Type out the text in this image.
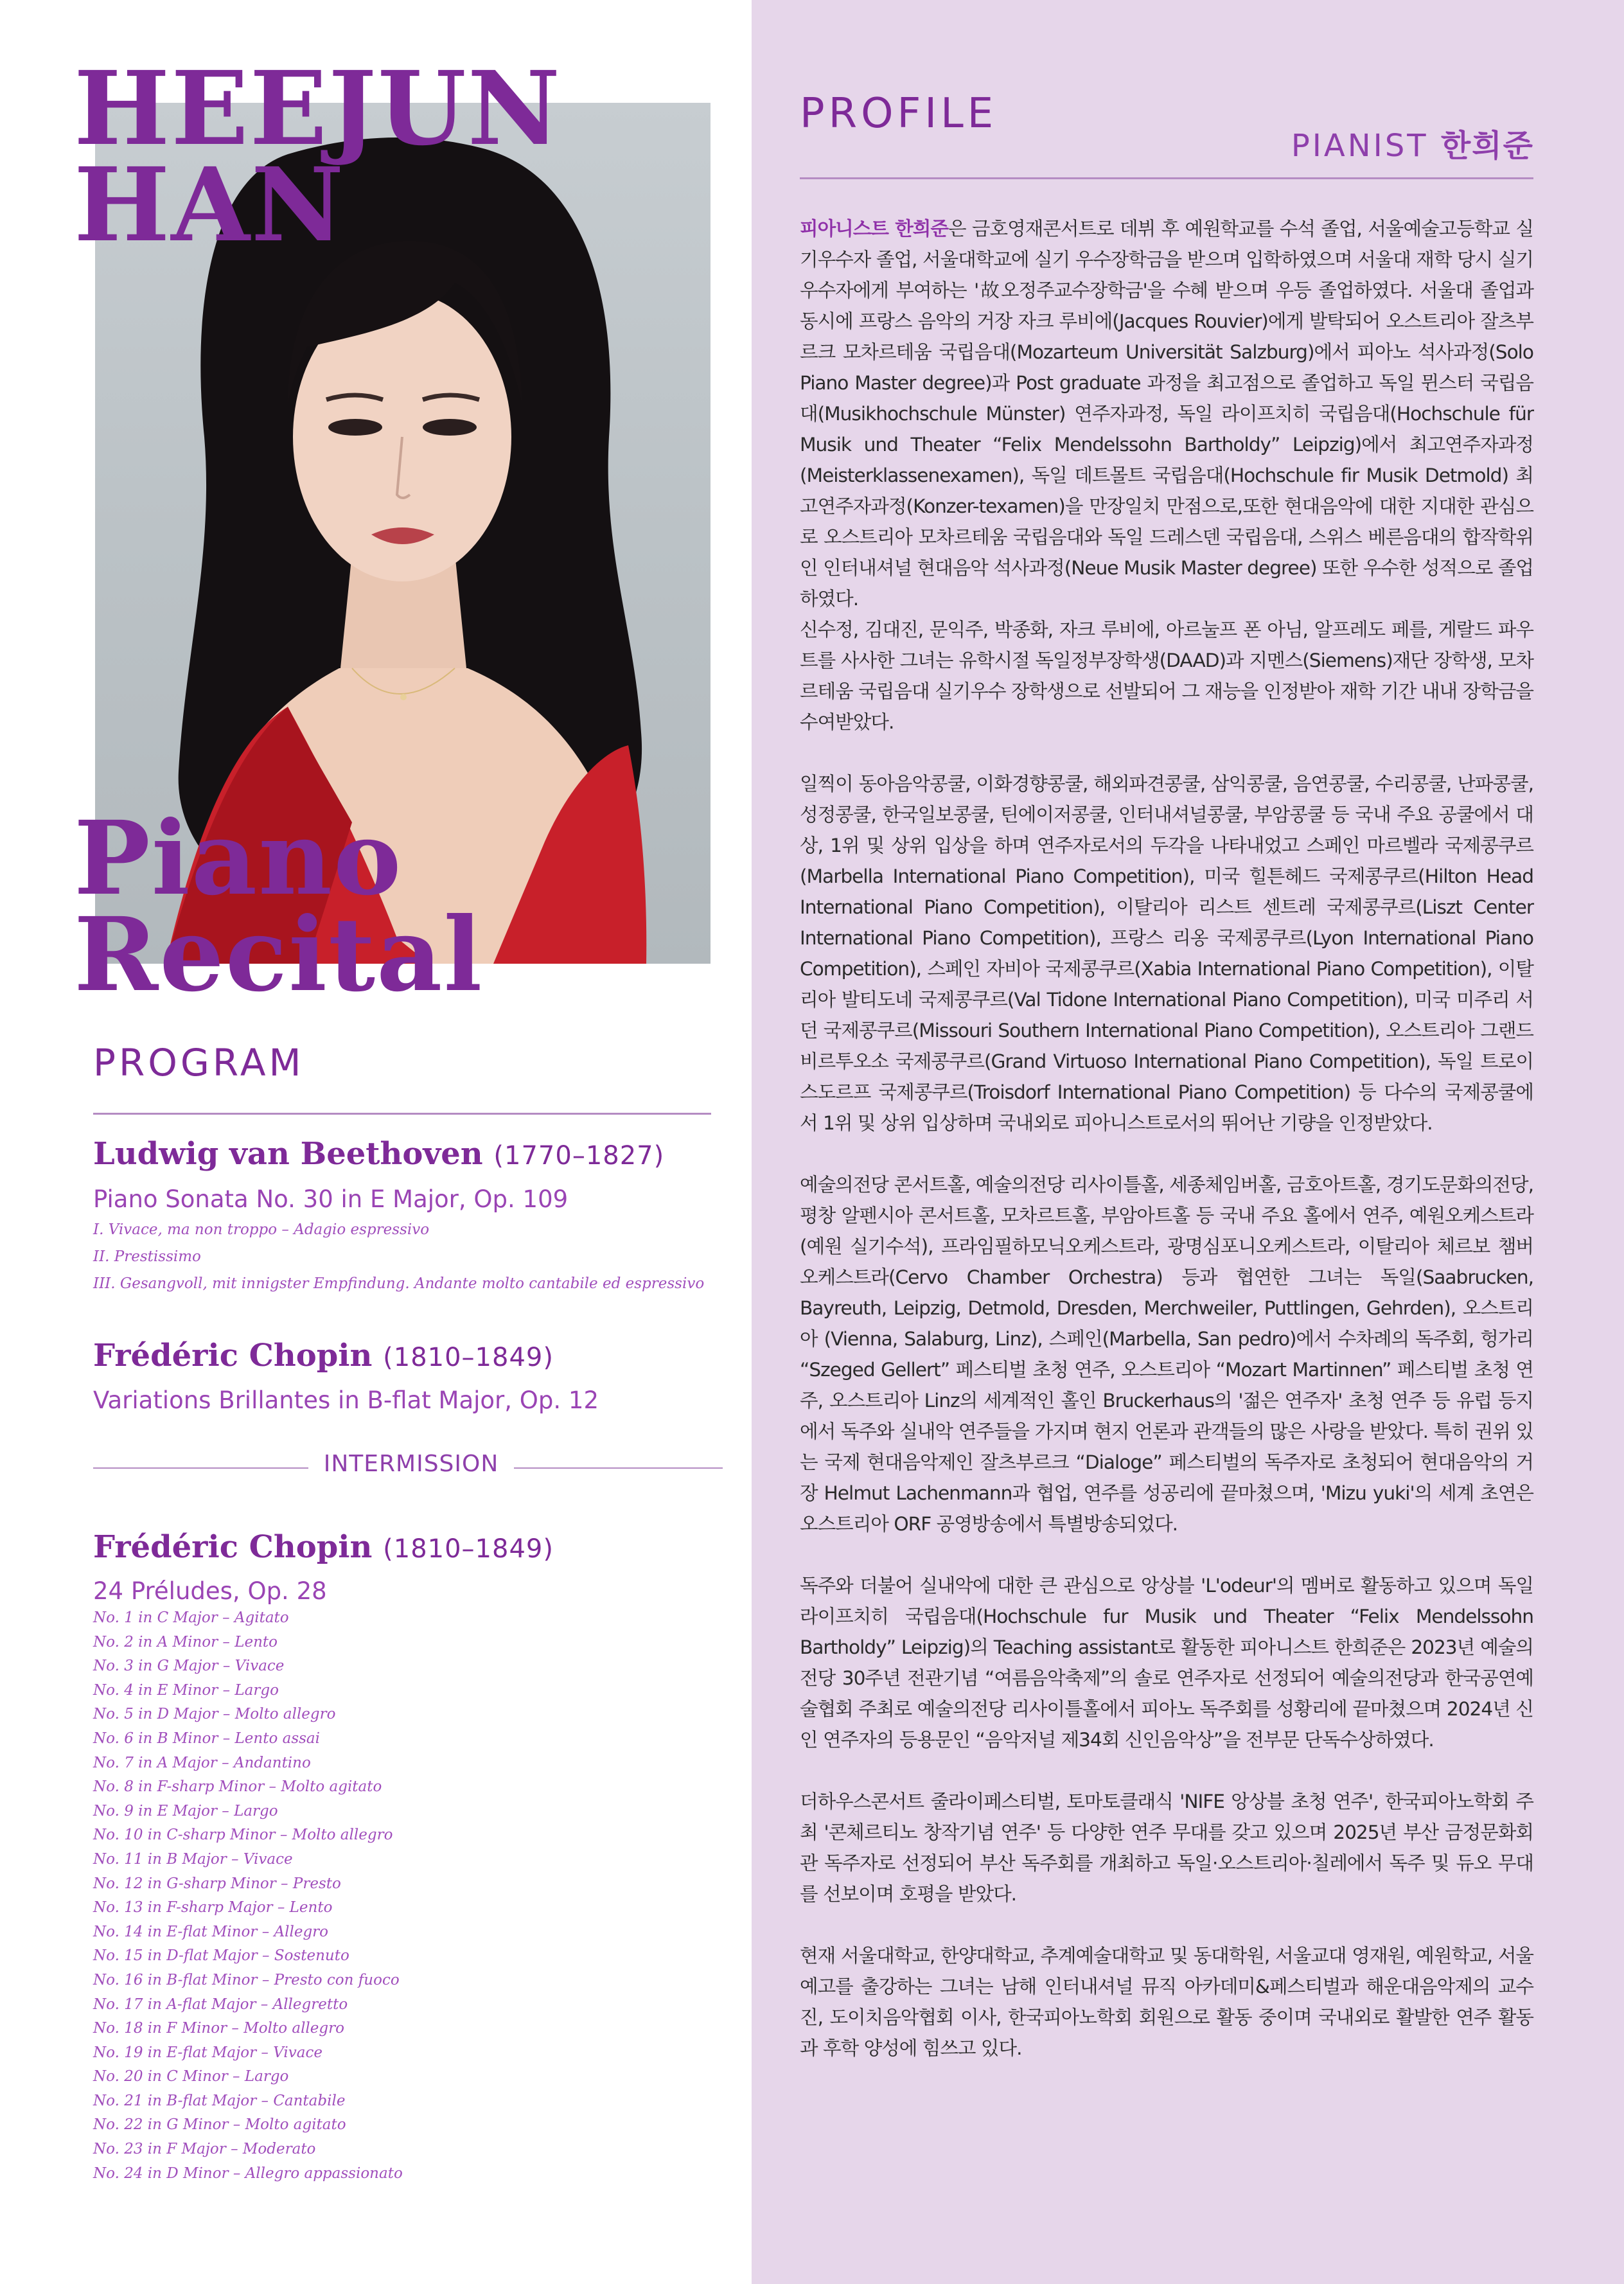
HEEJUN
HAN
Piano
Recital
PROGRAM
Ludwig van Beethoven (1770–1827)

Piano Sonata No. 30 in E Major, Op. 109

I. Vivace, ma non troppo – Adagio espressivo
II. Prestissimo
III. Gesangvoll, mit innigster Empfindung. Andante molto cantabile ed espressivo
Frédéric Chopin (1810–1849)

Variations Brillantes in B-flat Major, Op. 12

INTERMISSION
Frédéric Chopin (1810–1849)

24 Préludes, Op. 28

No. 1 in C Major – Agitato
No. 2 in A Minor – Lento
No. 3 in G Major – Vivace
No. 4 in E Minor – Largo
No. 5 in D Major – Molto allegro
No. 6 in B Minor – Lento assai
No. 7 in A Major – Andantino
No. 8 in F-sharp Minor – Molto agitato
No. 9 in E Major – Largo
No. 10 in C-sharp Minor – Molto allegro
No. 11 in B Major – Vivace
No. 12 in G-sharp Minor – Presto
No. 13 in F-sharp Major – Lento
No. 14 in E-flat Minor – Allegro
No. 15 in D-flat Major – Sostenuto
No. 16 in B-flat Minor – Presto con fuoco
No. 17 in A-flat Major – Allegretto
No. 18 in F Minor – Molto allegro
No. 19 in E-flat Major – Vivace
No. 20 in C Minor – Largo
No. 21 in B-flat Major – Cantabile
No. 22 in G Minor – Molto agitato
No. 23 in F Major – Moderato
No. 24 in D Minor – Allegro appassionato
PROFILE

PIANIST 한희준

피아니스트 한희준은 금호영재콘서트로 데뷔 후 예원학교를 수석 졸업, 서울예술고등학교 실기우수자 졸업, 서울대학교에 실기 우수장학금을 받으며 입학하였으며 서울대 재학 당시 실기 우수자에게 부여하는 '故오정주교수장학금'을 수혜 받으며 우등 졸업하였다. 서울대 졸업과 동시에 프랑스 음악의 거장 자크 루비에(Jacques Rouvier)에게 발탁되어 오스트리아 잘츠부르크 모차르테움 국립음대(Mozarteum Universität Salzburg)에서 피아노 석사과정(Solo Piano Master degree)과 Post graduate 과정을 최고점으로 졸업하고 독일 뮌스터 국립음대(Musikhochschule Münster) 연주자과정, 독일 라이프치히 국립음대(Hochschule für Musik und Theater “Felix Mendelssohn Bartholdy” Leipzig)에서 최고연주자과정(Meisterklassenexamen), 독일 데트몰트 국립음대(Hochschule fir Musik Detmold) 최고연주자과정(Konzer-texamen)을 만장일치 만점으로,또한 현대음악에 대한 지대한 관심으로 오스트리아 모차르테움 국립음대와 독일 드레스덴 국립음대, 스위스 베른음대의 합작학위인 인터내셔널 현대음악 석사과정(Neue Musik Master degree) 또한 우수한 성적으로 졸업하였다.

신수정, 김대진, 문익주, 박종화, 자크 루비에, 아르눌프 폰 아님, 알프레도 페를, 게랄드 파우트를 사사한 그녀는 유학시절 독일정부장학생(DAAD)과 지멘스(Siemens)재단 장학생, 모차르테움 국립음대 실기우수 장학생으로 선발되어 그 재능을 인정받아 재학 기간 내내 장학금을 수여받았다.

일찍이 동아음악콩쿨, 이화경향콩쿨, 해외파견콩쿨, 삼익콩쿨, 음연콩쿨, 수리콩쿨, 난파콩쿨, 성정콩쿨, 한국일보콩쿨, 틴에이저콩쿨, 인터내셔널콩쿨, 부암콩쿨 등 국내 주요 공쿨에서 대상, 1위 및 상위 입상을 하며 연주자로서의 두각을 나타내었고 스페인 마르벨라 국제콩쿠르(Marbella International Piano Competition), 미국 힐튼헤드 국제콩쿠르(Hilton Head International Piano Competition), 이탈리아 리스트 센트레 국제콩쿠르(Liszt Center International Piano Competition), 프랑스 리옹 국제콩쿠르(Lyon International Piano Competition), 스페인 자비아 국제콩쿠르(Xabia International Piano Competition), 이탈리아 발티도네 국제콩쿠르(Val Tidone International Piano Competition), 미국 미주리 서던 국제콩쿠르(Missouri Southern International Piano Competition), 오스트리아 그랜드 비르투오소 국제콩쿠르(Grand Virtuoso International Piano Competition), 독일 트로이스도르프 국제콩쿠르(Troisdorf International Piano Competition) 등 다수의 국제콩쿨에서 1위 및 상위 입상하며 국내외로 피아니스트로서의 뛰어난 기량을 인정받았다.

예술의전당 콘서트홀, 예술의전당 리사이틀홀, 세종체임버홀, 금호아트홀, 경기도문화의전당, 평창 알펜시아 콘서트홀, 모차르트홀, 부암아트홀 등 국내 주요 홀에서 연주, 예원오케스트라(예원 실기수석), 프라임필하모닉오케스트라, 광명심포니오케스트라, 이탈리아 체르보 챔버 오케스트라(Cervo Chamber Orchestra) 등과 협연한 그녀는 독일(Saabrucken, Bayreuth, Leipzig, Detmold, Dresden, Merchweiler, Puttlingen, Gehrden), 오스트리아 (Vienna, Salaburg, Linz), 스페인(Marbella, San pedro)에서 수차례의 독주회, 헝가리 “Szeged Gellert” 페스티벌 초청 연주, 오스트리아 “Mozart Martinnen” 페스티벌 초청 연주, 오스트리아 Linz의 세계적인 홀인 Bruckerhaus의 '젊은 연주자' 초청 연주 등 유럽 등지에서 독주와 실내악 연주들을 가지며 현지 언론과 관객들의 많은 사랑을 받았다. 특히 권위 있는 국제 현대음악제인 잘츠부르크 “Dialoge” 페스티벌의 독주자로 초청되어 현대음악의 거장 Helmut Lachenmann과 협업, 연주를 성공리에 끝마쳤으며, 'Mizu yuki'의 세계 초연은 오스트리아 ORF 공영방송에서 특별방송되었다.

독주와 더불어 실내악에 대한 큰 관심으로 앙상블 'L'odeur'의 멤버로 활동하고 있으며 독일 라이프치히 국립음대(Hochschule fur Musik und Theater “Felix Mendelssohn Bartholdy” Leipzig)의 Teaching assistant로 활동한 피아니스트 한희준은 2023년 예술의전당 30주년 전관기념 “여름음악축제”의 솔로 연주자로 선정되어 예술의전당과 한국공연예술협회 주최로 예술의전당 리사이틀홀에서 피아노 독주회를 성황리에 끝마쳤으며 2024년 신인 연주자의 등용문인 “음악저널 제34회 신인음악상”을 전부문 단독수상하였다.

더하우스콘서트 줄라이페스티벌, 토마토클래식 'NIFE 앙상블 초청 연주', 한국피아노학회 주최 '콘체르티노 창작기념 연주' 등 다양한 연주 무대를 갖고 있으며 2025년 부산 금정문화회관 독주자로 선정되어 부산 독주회를 개최하고 독일·오스트리아·칠레에서 독주 및 듀오 무대를 선보이며 호평을 받았다.

현재 서울대학교, 한양대학교, 추계예술대학교 및 동대학원, 서울교대 영재원, 예원학교, 서울예고를 출강하는 그녀는 남해 인터내셔널 뮤직 아카데미&페스티벌과 해운대음악제의 교수진, 도이치음악협회 이사, 한국피아노학회 회원으로 활동 중이며 국내외로 활발한 연주 활동과 후학 양성에 힘쓰고 있다.
